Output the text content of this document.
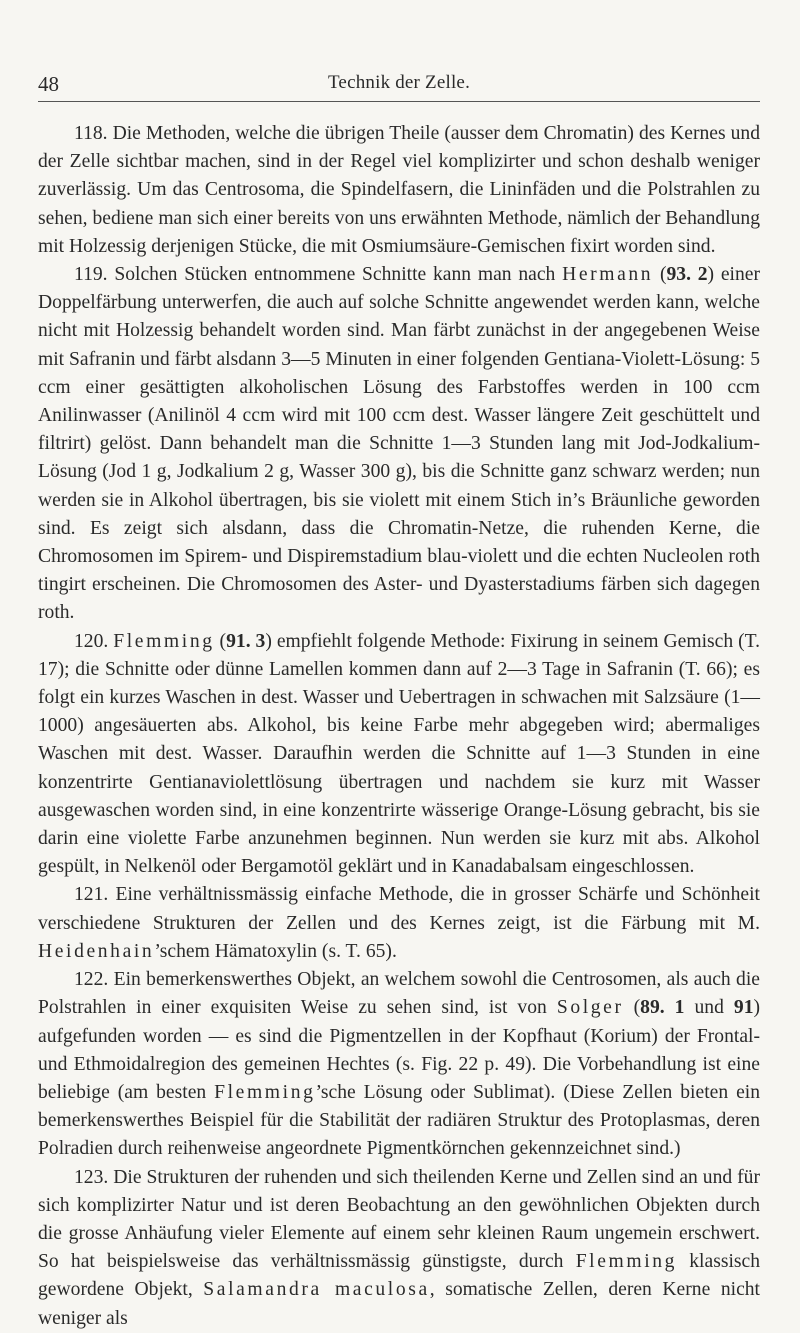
48	Technik der Zelle.

118. Die Methoden, welche die übrigen Theile (ausser dem Chromatin) des Kernes und der Zelle sichtbar machen, sind in der Regel viel komplizirter und schon deshalb weniger zuverlässig. Um das Centrosoma, die Spindelfasern, die Lininfäden und die Polstrahlen zu sehen, bediene man sich einer bereits von uns erwähnten Methode, nämlich der Behandlung mit Holzessig derjenigen Stücke, die mit Osmiumsäure-Gemischen fixirt worden sind.

119. Solchen Stücken entnommene Schnitte kann man nach Hermann (93. 2) einer Doppelfärbung unterwerfen, die auch auf solche Schnitte angewendet werden kann, welche nicht mit Holzessig behandelt worden sind. Man färbt zunächst in der angegebenen Weise mit Safranin und färbt alsdann 3—5 Minuten in einer folgenden Gentiana-Violett-Lösung: 5 ccm einer gesättigten alkoholischen Lösung des Farbstoffes werden in 100 ccm Anilinwasser (Anilinöl 4 ccm wird mit 100 ccm dest. Wasser längere Zeit geschüttelt und filtrirt) gelöst. Dann behandelt man die Schnitte 1—3 Stunden lang mit Jod-Jodkalium-Lösung (Jod 1 g, Jodkalium 2 g, Wasser 300 g), bis die Schnitte ganz schwarz werden; nun werden sie in Alkohol übertragen, bis sie violett mit einem Stich in’s Bräunliche geworden sind. Es zeigt sich alsdann, dass die Chromatin-Netze, die ruhenden Kerne, die Chromosomen im Spirem- und Dispiremstadium blau-violett und die echten Nucleolen roth tingirt erscheinen. Die Chromosomen des Aster- und Dyasterstadiums färben sich dagegen roth.

120. Flemming (91. 3) empfiehlt folgende Methode: Fixirung in seinem Gemisch (T. 17); die Schnitte oder dünne Lamellen kommen dann auf 2—3 Tage in Safranin (T. 66); es folgt ein kurzes Waschen in dest. Wasser und Uebertragen in schwachen mit Salzsäure (1—1000) angesäuerten abs. Alkohol, bis keine Farbe mehr abgegeben wird; abermaliges Waschen mit dest. Wasser. Daraufhin werden die Schnitte auf 1—3 Stunden in eine konzentrirte Gentianaviolettlösung übertragen und nachdem sie kurz mit Wasser ausgewaschen worden sind, in eine konzentrirte wässerige Orange-Lösung gebracht, bis sie darin eine violette Farbe anzunehmen beginnen. Nun werden sie kurz mit abs. Alkohol gespült, in Nelkenöl oder Bergamotöl geklärt und in Kanadabalsam eingeschlossen.

121. Eine verhältnissmässig einfache Methode, die in grosser Schärfe und Schönheit verschiedene Strukturen der Zellen und des Kernes zeigt, ist die Färbung mit M. Heidenhain’schem Hämatoxylin (s. T. 65).

122. Ein bemerkenswerthes Objekt, an welchem sowohl die Centrosomen, als auch die Polstrahlen in einer exquisiten Weise zu sehen sind, ist von Solger (89. 1 und 91) aufgefunden worden — es sind die Pigmentzellen in der Kopfhaut (Korium) der Frontal- und Ethmoidalregion des gemeinen Hechtes (s. Fig. 22 p. 49). Die Vorbehandlung ist eine beliebige (am besten Flemming’sche Lösung oder Sublimat). (Diese Zellen bieten ein bemerkenswerthes Beispiel für die Stabilität der radiären Struktur des Protoplasmas, deren Polradien durch reihenweise angeordnete Pigmentkörnchen gekennzeichnet sind.)

123. Die Strukturen der ruhenden und sich theilenden Kerne und Zellen sind an und für sich komplizirter Natur und ist deren Beobachtung an den gewöhnlichen Objekten durch die grosse Anhäufung vieler Elemente auf einem sehr kleinen Raum ungemein erschwert. So hat beispielsweise das verhältnissmässig günstigste, durch Flemming klassisch gewordene Objekt, Salamandra maculosa, somatische Zellen, deren Kerne nicht weniger als
